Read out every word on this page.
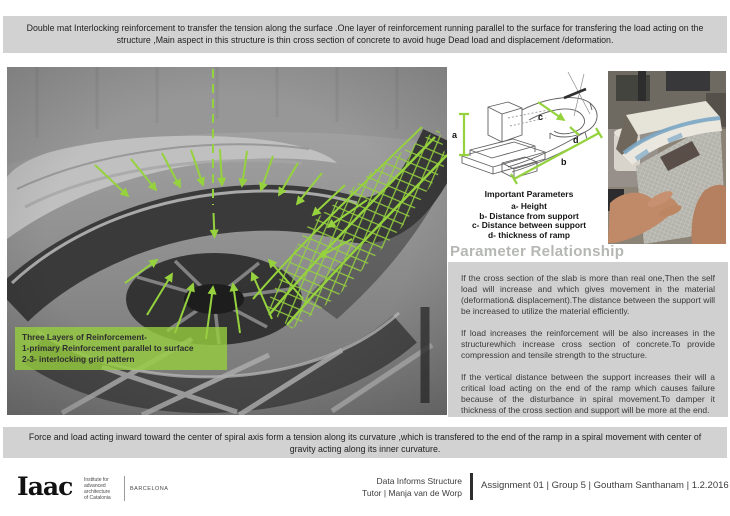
Double mat Interlocking reinforcement to transfer the tension along the surface .One layer of reinforcement running parallel to the surface for transfering the load acting on the structure ,Main aspect in this structure is thin cross section of concrete to avoid huge Dead load and displacement /deformation.
Three Layers of Reinforcement-
1-primary Reinforcement parallel to surface
2-3- interlocking grid pattern
a
c
d
b
Important Parameters
a- Height
b- Distance from support
c- Distance between support
d- thickness of ramp
Parameter Relationship

If the cross section of the slab is more than real one,Then the self load will increase and which gives movement in the material (deformation& displacement).The distance between the support will be increased to utilize the material efficiently.

If load increases the reinforcement will be also increases in the structurewhich increase cross section of concrete.To provide compression and tensile strength to the structure.

If the vertical distance between the support increases their will a critical load acting on the end of the ramp which causes failure because of the disturbance in spiral movement.To damper it thickness of the cross section and support will be more at the end.

Force and load acting inward toward the center of spiral axis form a tension along its curvature ,which is transfered to the end of the ramp in a spiral movement with center of gravity acting along its inner curvature.
Iaac Institute for
advanced
architecture
of Catalonia
BARCELONA
Data Informs Structure
Tutor | Manja van de Worp
Assignment 01 | Group 5 | Goutham Santhanam | 1.2.2016
